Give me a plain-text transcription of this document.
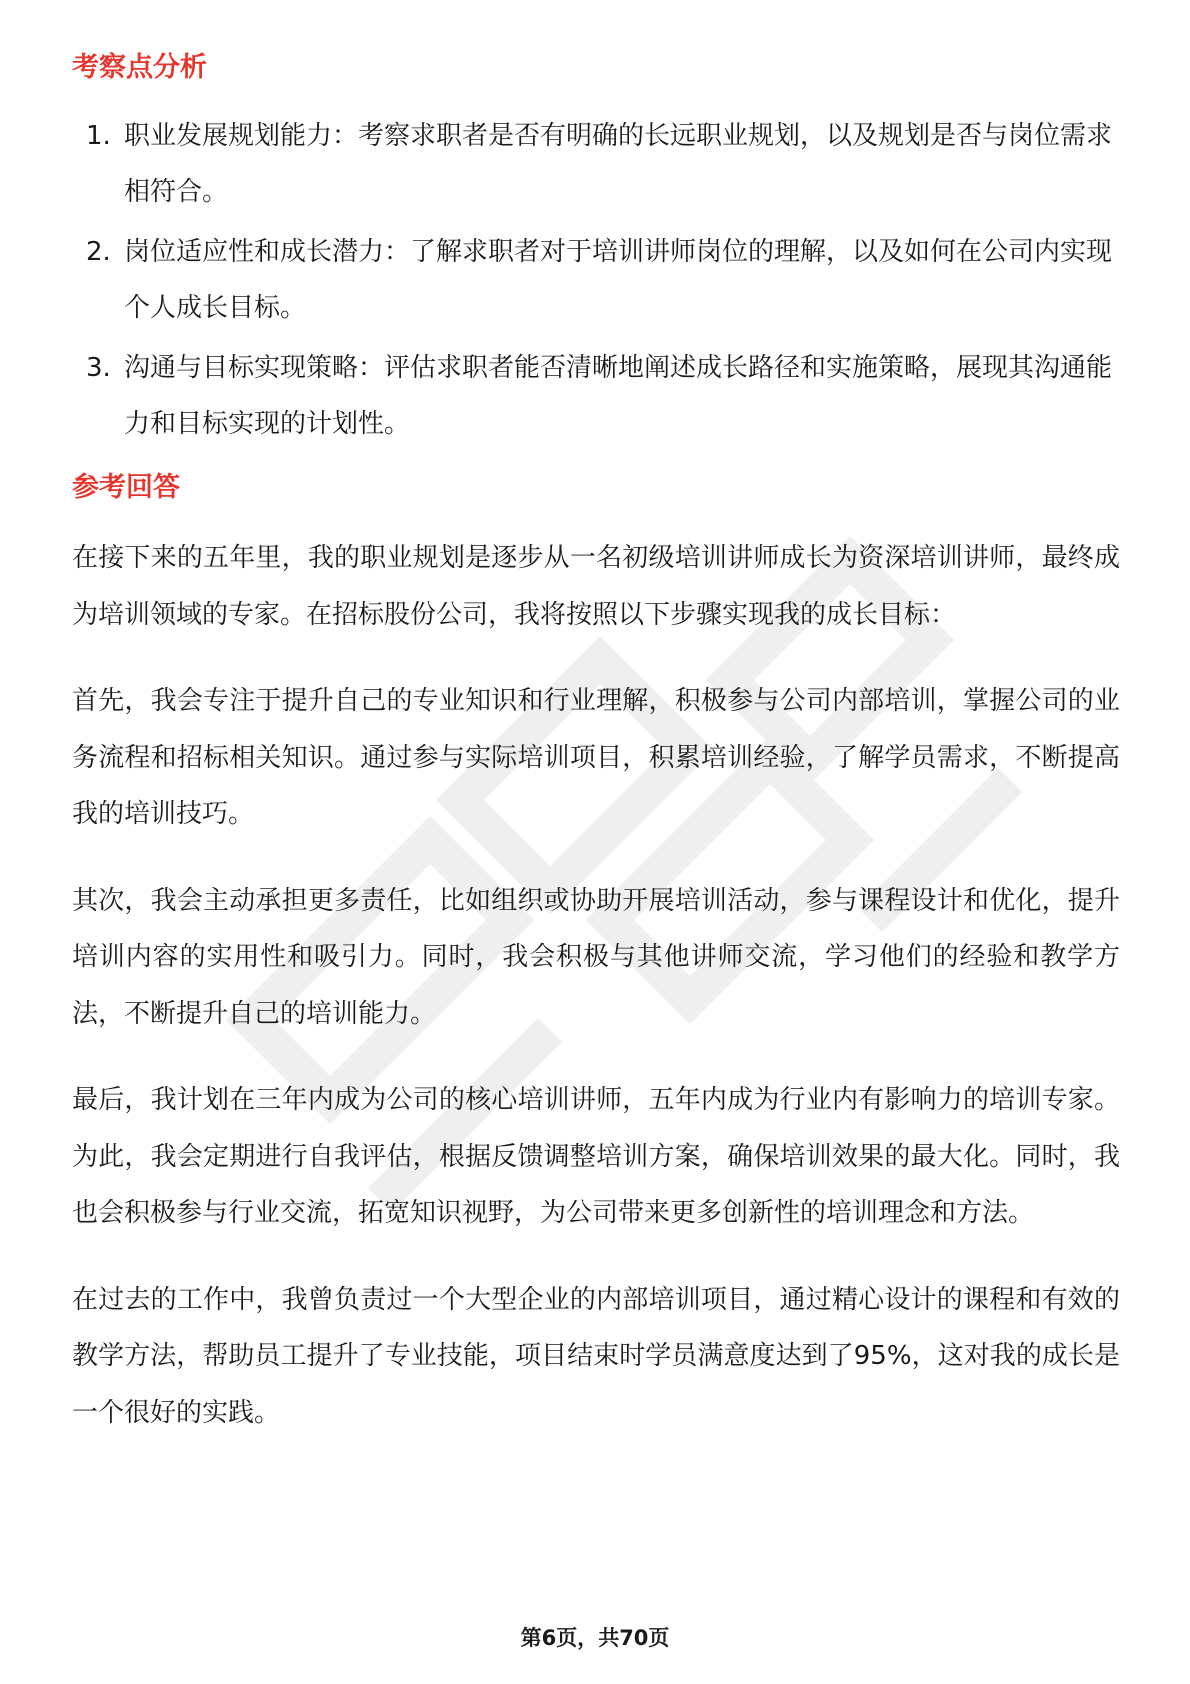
考察点分析
1. 职业发展规划能力：考察求职者是否有明确的长远职业规划，以及规划是否与岗位需求相符合。
2. 岗位适应性和成长潜力：了解求职者对于培训讲师岗位的理解，以及如何在公司内实现个人成长目标。
3. 沟通与目标实现策略：评估求职者能否清晰地阐述成长路径和实施策略，展现其沟通能力和目标实现的计划性。
参考回答

在接下来的五年里，我的职业规划是逐步从一名初级培训讲师成长为资深培训讲师，最终成为培训领域的专家。在招标股份公司，我将按照以下步骤实现我的成长目标：

首先，我会专注于提升自己的专业知识和行业理解，积极参与公司内部培训，掌握公司的业务流程和招标相关知识。通过参与实际培训项目，积累培训经验，了解学员需求，不断提高我的培训技巧。

其次，我会主动承担更多责任，比如组织或协助开展培训活动，参与课程设计和优化，提升培训内容的实用性和吸引力。同时，我会积极与其他讲师交流，学习他们的经验和教学方法，不断提升自己的培训能力。

最后，我计划在三年内成为公司的核心培训讲师，五年内成为行业内有影响力的培训专家。为此，我会定期进行自我评估，根据反馈调整培训方案，确保培训效果的最大化。同时，我也会积极参与行业交流，拓宽知识视野，为公司带来更多创新性的培训理念和方法。

在过去的工作中，我曾负责过一个大型企业的内部培训项目，通过精心设计的课程和有效的教学方法，帮助员工提升了专业技能，项目结束时学员满意度达到了95%，这对我的成长是一个很好的实践。

第6页，共70页
